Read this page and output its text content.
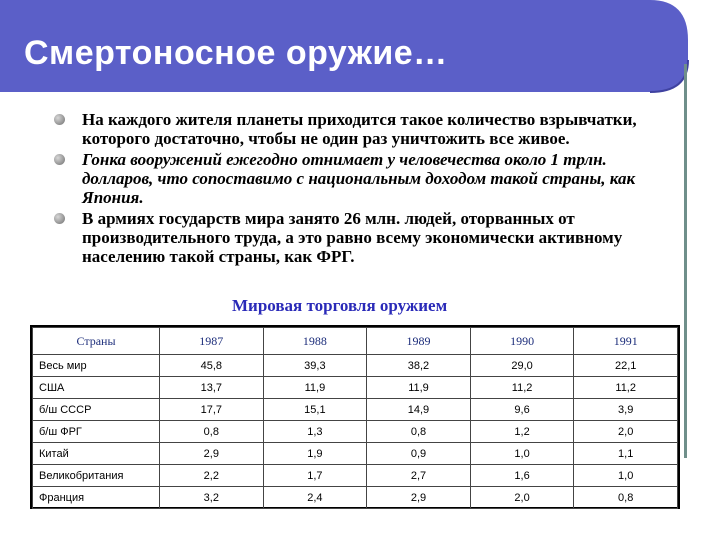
Смертоносное оружие…
На каждого жителя планеты приходится такое количество взрывчатки, которого достаточно, чтобы не один раз уничтожить все живое.
Гонка вооружений ежегодно отнимает у человечества около 1 трлн. долларов, что сопоставимо с национальным доходом такой страны, как Япония.
В армиях государств мира занято 26 млн. людей, оторванных от производительного труда, а это равно всему экономически активному населению такой страны, как ФРГ.
Мировая торговля оружием
Страны	1987	1988	1989	1990	1991
Весь мир	45,8	39,3	38,2	29,0	22,1
США	13,7	11,9	11,9	11,2	11,2
б/ш СССР	17,7	15,1	14,9	9,6	3,9
б/ш ФРГ	0,8	1,3	0,8	1,2	2,0
Китай	2,9	1,9	0,9	1,0	1,1
Великобритания	2,2	1,7	2,7	1,6	1,0
Франция	3,2	2,4	2,9	2,0	0,8
